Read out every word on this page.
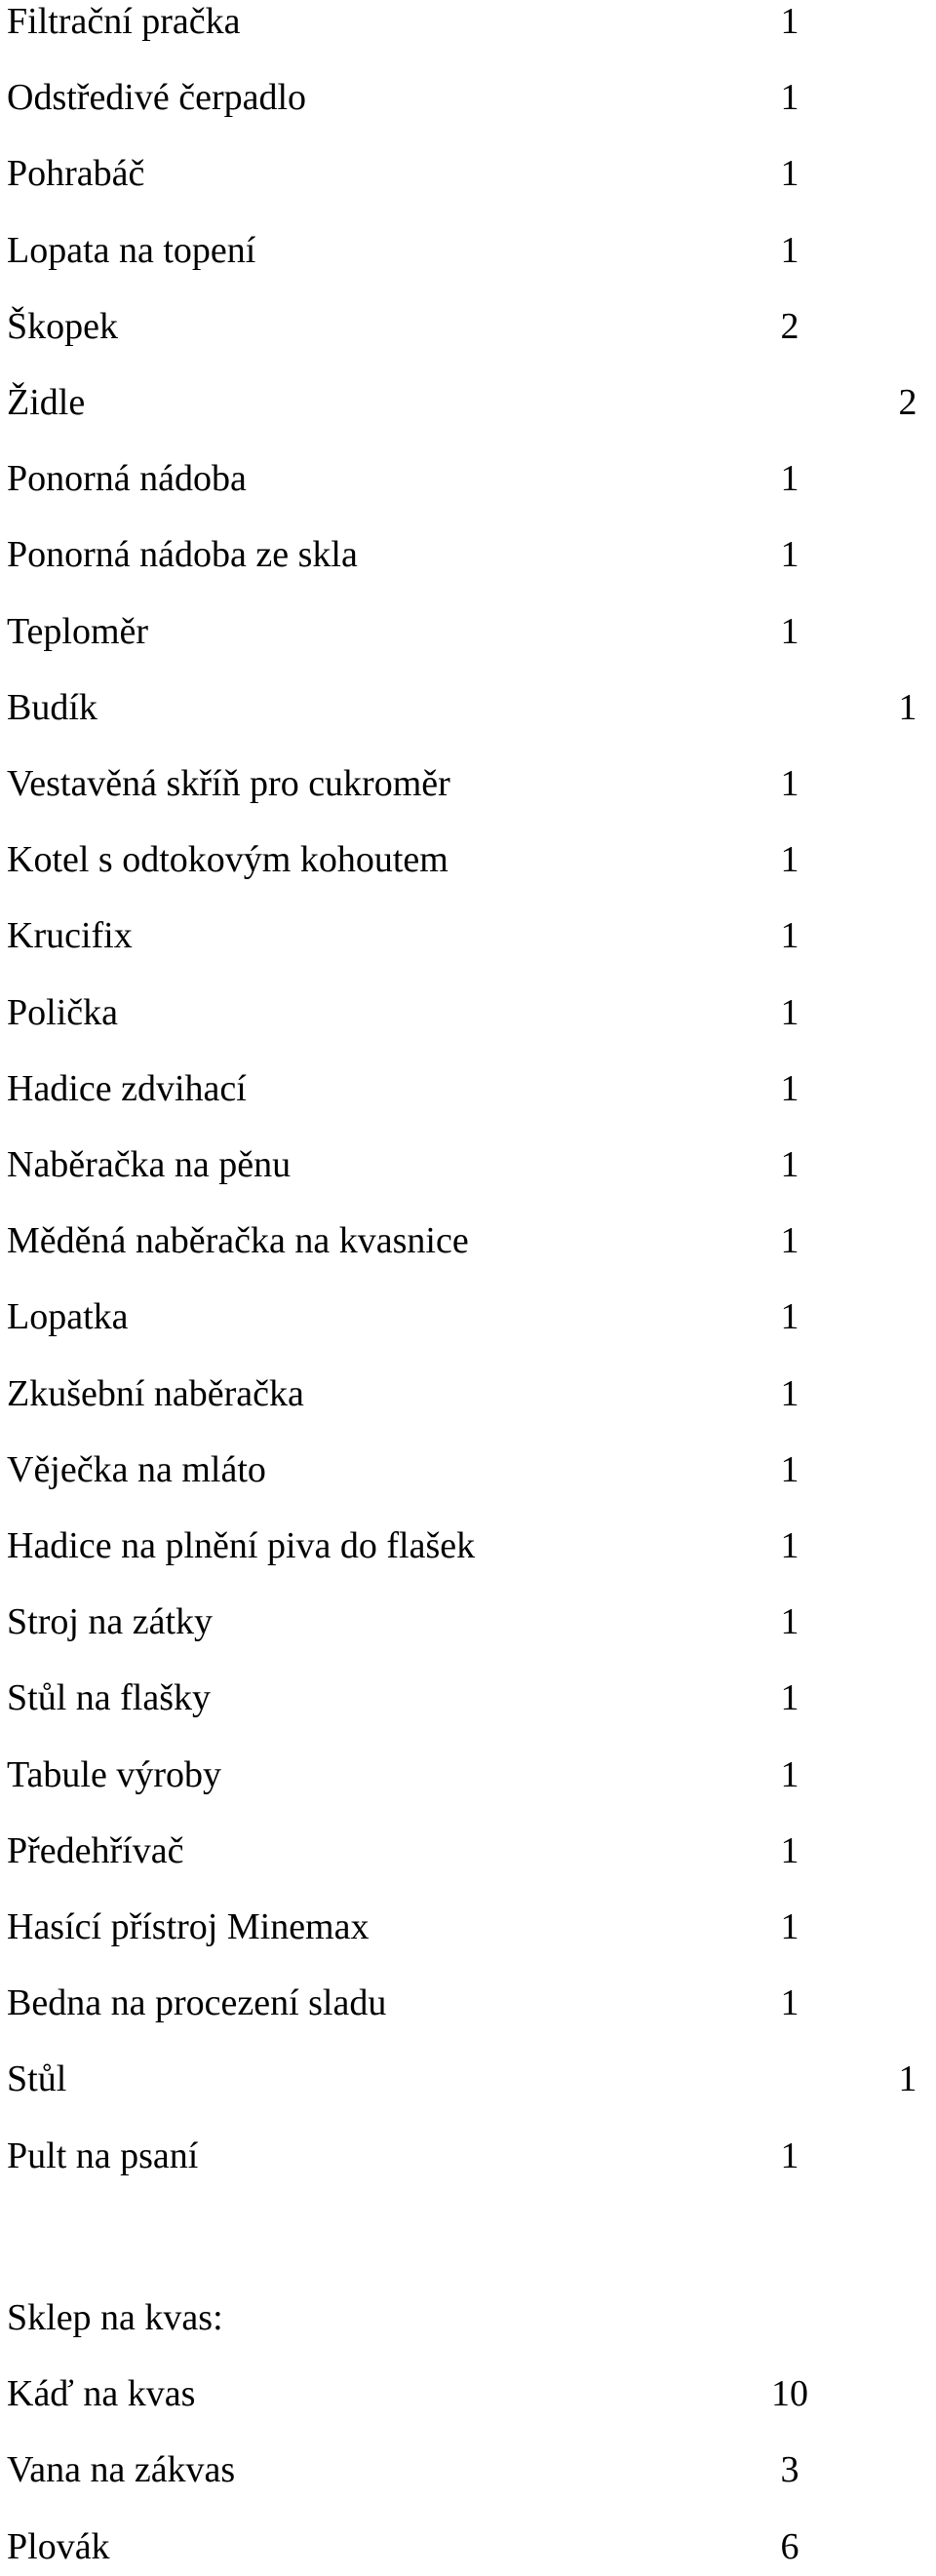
Filtrační pračka	1
Odstředivé čerpadlo	1
Pohrabáč	1
Lopata na topení	1
Škopek	2
Židle	2
Ponorná nádoba	1
Ponorná nádoba ze skla	1
Teploměr	1
Budík	1
Vestavěná skříň pro cukroměr	1
Kotel s odtokovým kohoutem	1
Krucifix	1
Polička	1
Hadice zdvihací	1
Naběračka na pěnu	1
Měděná naběračka na kvasnice	1
Lopatka	1
Zkušební naběračka	1
Věječka na mláto	1
Hadice na plnění piva do flašek	1
Stroj na zátky	1
Stůl na flašky	1
Tabule výroby	1
Předehřívač	1
Hasící přístroj Minemax	1
Bedna na procezení sladu	1
Stůl	1
Pult na psaní	1
Sklep na kvas:
Káď na kvas	10
Vana na zákvas	3
Plovák	6
